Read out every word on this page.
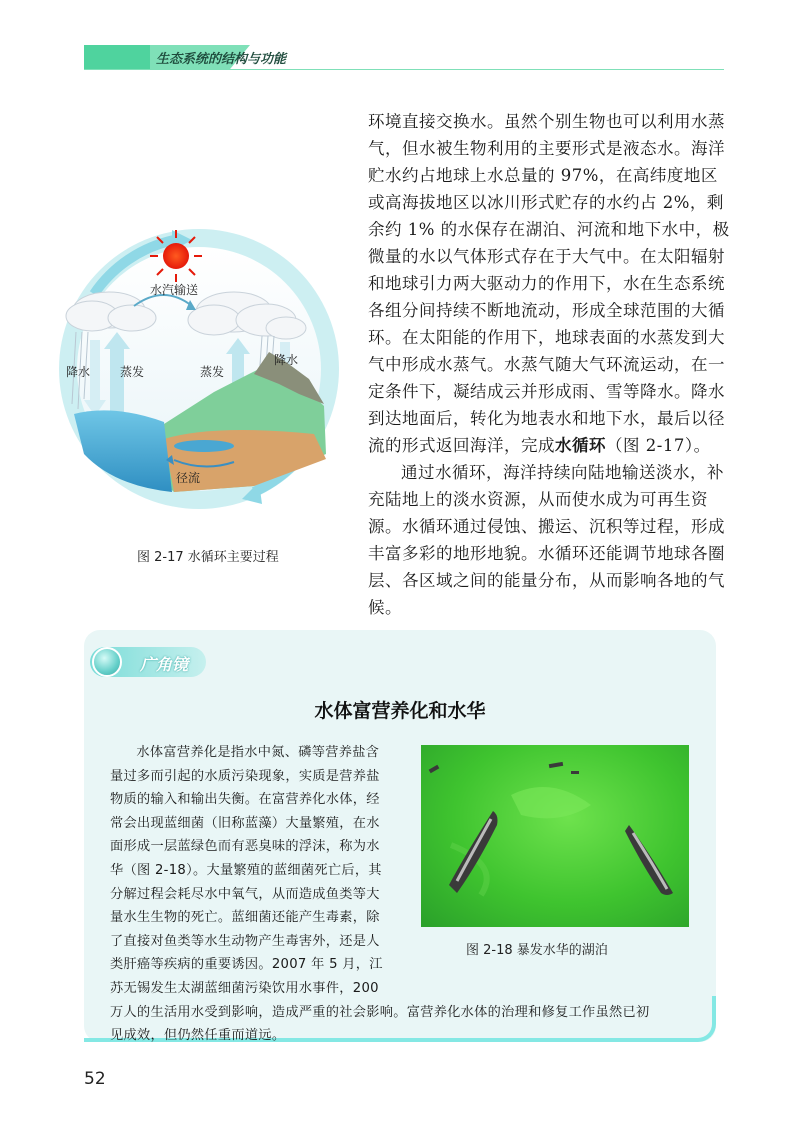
生态系统的结构与功能
水汽输送
降水 蒸发	蒸发
降水
径流
图 2-17 水循环主要过程

环境直接交换水。虽然个别生物也可以利用水蒸气，但水被生物利用的主要形式是液态水。海洋贮水约占地球上水总量的 97%，在高纬度地区或高海拔地区以冰川形式贮存的水约占 2%，剩余约 1% 的水保存在湖泊、河流和地下水中，极微量的水以气体形式存在于大气中。在太阳辐射和地球引力两大驱动力的作用下，水在生态系统各组分间持续不断地流动，形成全球范围的大循环。在太阳能的作用下，地球表面的水蒸发到大气中形成水蒸气。水蒸气随大气环流运动，在一定条件下，凝结成云并形成雨、雪等降水。降水到达地面后，转化为地表水和地下水，最后以径流的形式返回海洋，完成水循环（图 2-17）。

通过水循环，海洋持续向陆地输送淡水，补充陆地上的淡水资源，从而使水成为可再生资源。水循环通过侵蚀、搬运、沉积等过程，形成丰富多彩的地形地貌。水循环还能调节地球各圈层、各区域之间的能量分布，从而影响各地的气候。

广角镜
水体富营养化和水华
水体富营养化是指水中氮、磷等营养盐含
量过多而引起的水质污染现象，实质是营养盐
物质的输入和输出失衡。在富营养化水体，经
常会出现蓝细菌（旧称蓝藻）大量繁殖，在水
面形成一层蓝绿色而有恶臭味的浮沫，称为水
华（图 2-18）。大量繁殖的蓝细菌死亡后，其
分解过程会耗尽水中氧气，从而造成鱼类等大
量水生生物的死亡。蓝细菌还能产生毒素，除
了直接对鱼类等水生动物产生毒害外，还是人
类肝癌等疾病的重要诱因。2007 年 5 月，江
苏无锡发生太湖蓝细菌污染饮用水事件，200
万人的生活用水受到影响，造成严重的社会影响。富营养化水体的治理和修复工作虽然已初
见成效，但仍然任重而道远。
图 2-18 暴发水华的湖泊
52
